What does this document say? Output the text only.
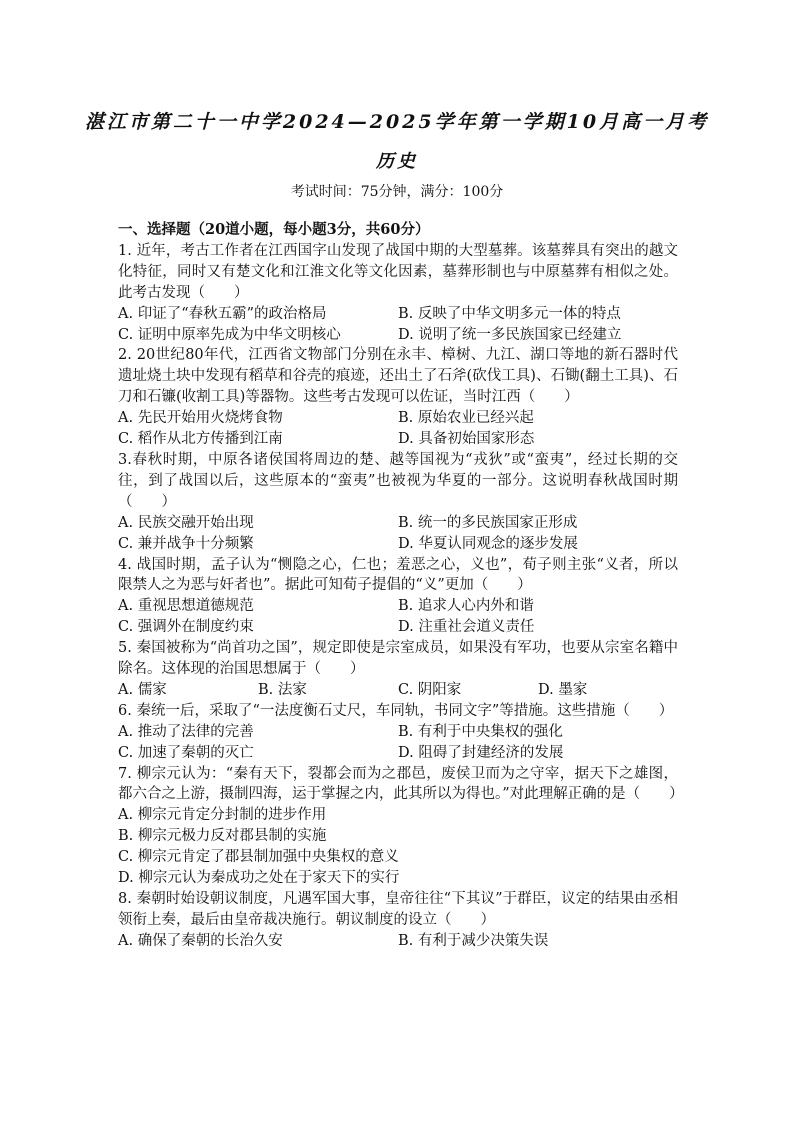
湛江市第二十一中学2024—2025学年第一学期10月高一月考
历史
考试时间：75分钟，满分：100分
一、选择题（20道小题，每小题3分，共60分）
1. 近年，考古工作者在江西国字山发现了战国中期的大型墓葬。该墓葬具有突出的越文化特征，同时又有楚文化和江淮文化等文化因素，墓葬形制也与中原墓葬有相似之处。此考古发现（　　）
A. 印证了“春秋五霸”的政治格局	B. 反映了中华文明多元一体的特点
C. 证明中原率先成为中华文明核心	D. 说明了统一多民族国家已经建立
2. 20世纪80年代，江西省文物部门分别在永丰、樟树、九江、湖口等地的新石器时代遗址烧土块中发现有稻草和谷壳的痕迹，还出土了石斧(砍伐工具)、石锄(翻土工具)、石刀和石镰(收割工具)等器物。这些考古发现可以佐证，当时江西（　　）
A. 先民开始用火烧烤食物	B. 原始农业已经兴起
C. 稻作从北方传播到江南	D. 具备初始国家形态
3.春秋时期，中原各诸侯国将周边的楚、越等国视为“戎狄”或“蛮夷”，经过长期的交往，到了战国以后，这些原本的“蛮夷”也被视为华夏的一部分。这说明春秋战国时期（　　）
A. 民族交融开始出现	B. 统一的多民族国家正形成
C. 兼并战争十分频繁	D. 华夏认同观念的逐步发展
4. 战国时期，孟子认为“恻隐之心，仁也；羞恶之心，义也”，荀子则主张“义者，所以限禁人之为恶与奸者也”。据此可知荀子提倡的“义”更加（　　）
A. 重视思想道德规范	B. 追求人心内外和谐
C. 强调外在制度约束	D. 注重社会道义责任
5. 秦国被称为“尚首功之国”，规定即使是宗室成员，如果没有军功，也要从宗室名籍中除名。这体现的治国思想属于（　　）
A. 儒家	B. 法家	C. 阴阳家	D. 墨家
6. 秦统一后，采取了“一法度衡石丈尺，车同轨，书同文字”等措施。这些措施（　　）
A. 推动了法律的完善	B. 有利于中央集权的强化
C. 加速了秦朝的灭亡	D. 阻碍了封建经济的发展
7. 柳宗元认为：“秦有天下，裂都会而为之郡邑，废侯卫而为之守宰，据天下之雄图，都六合之上游，摄制四海，运于掌握之内，此其所以为得也。”对此理解正确的是（　　）
A. 柳宗元肯定分封制的进步作用
B. 柳宗元极力反对郡县制的实施
C. 柳宗元肯定了郡县制加强中央集权的意义
D. 柳宗元认为秦成功之处在于家天下的实行
8. 秦朝时始设朝议制度，凡遇军国大事，皇帝往往“下其议”于群臣，议定的结果由丞相领衔上奏，最后由皇帝裁决施行。朝议制度的设立（　　）
A. 确保了秦朝的长治久安	B. 有利于减少决策失误
